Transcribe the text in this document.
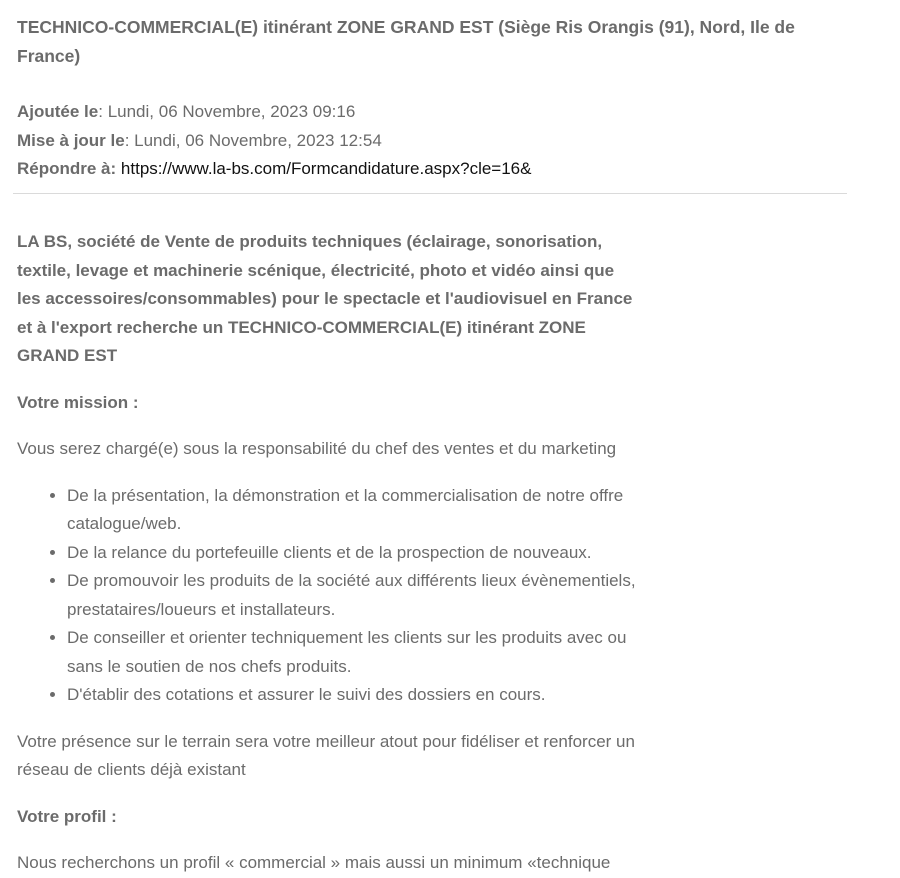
TECHNICO-COMMERCIAL(E) itinérant ZONE GRAND EST (Siège Ris Orangis (91), Nord, Ile de France)
Ajoutée le: Lundi, 06 Novembre, 2023 09:16
Mise à jour le: Lundi, 06 Novembre, 2023 12:54
Répondre à: https://www.la-bs.com/Formcandidature.aspx?cle=16&

LA BS, société de Vente de produits techniques (éclairage, sonorisation, textile, levage et machinerie scénique, électricité, photo et vidéo ainsi que les accessoires/consommables) pour le spectacle et l'audiovisuel en France et à l'export recherche un TECHNICO-COMMERCIAL(E) itinérant ZONE GRAND EST

Votre mission :

Vous serez chargé(e) sous la responsabilité du chef des ventes et du marketing

• De la présentation, la démonstration et la commercialisation de notre offre catalogue/web.
• De la relance du portefeuille clients et de la prospection de nouveaux.
• De promouvoir les produits de la société aux différents lieux évènementiels, prestataires/loueurs et installateurs.
• De conseiller et orienter techniquement les clients sur les produits avec ou sans le soutien de nos chefs produits.
• D'établir des cotations et assurer le suivi des dossiers en cours.

Votre présence sur le terrain sera votre meilleur atout pour fidéliser et renforcer un réseau de clients déjà existant

Votre profil :

Nous recherchons un profil « commercial » mais aussi un minimum «technique
